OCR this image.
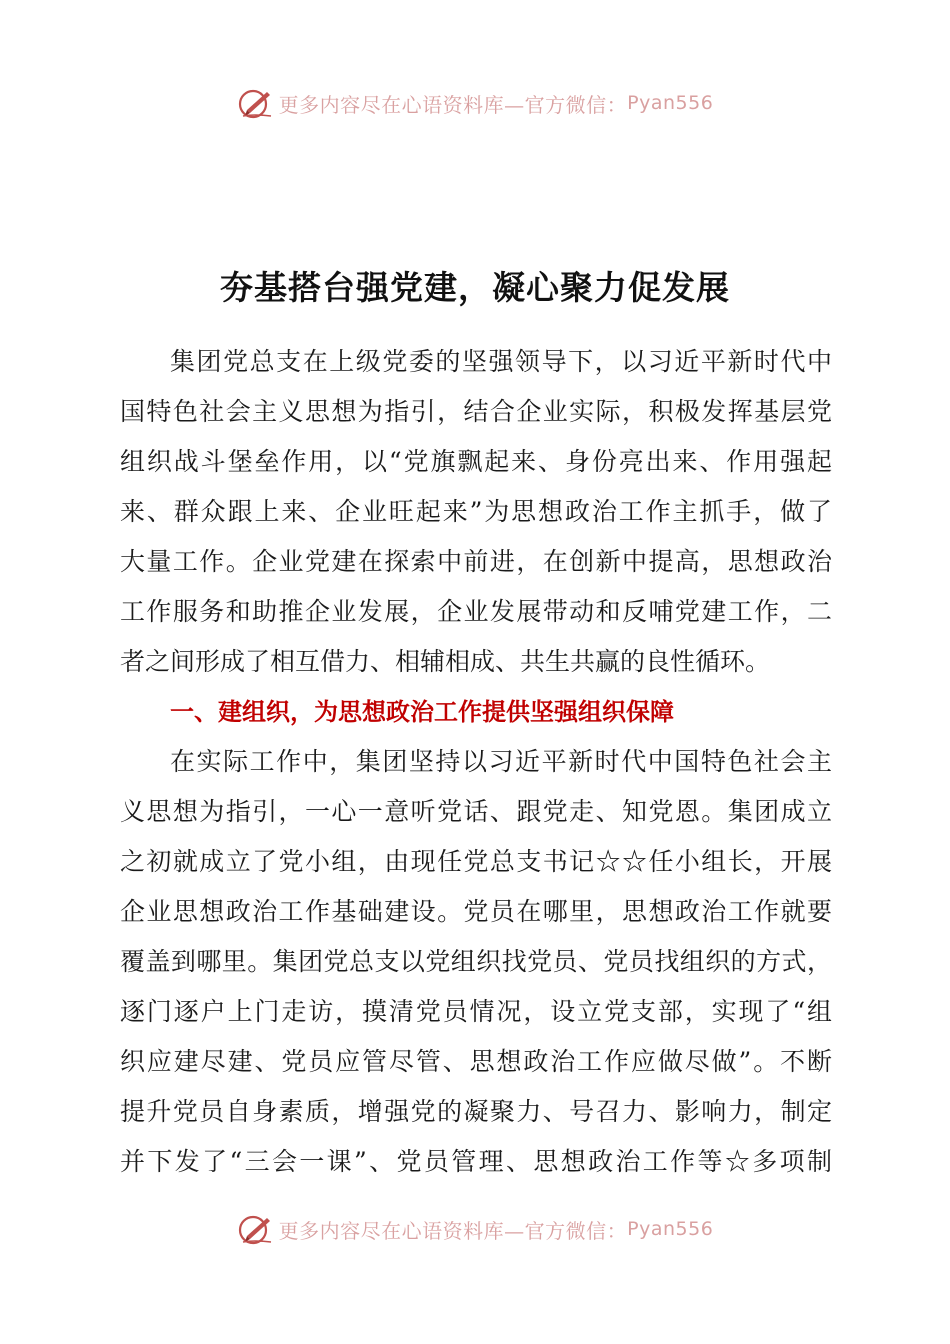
更多内容尽在心语资料库—官方微信： Pyan556
夯基搭台强党建，凝心聚力促发展
集团党总支在上级党委的坚强领导下，以习近平新时代中
国特色社会主义思想为指引，结合企业实际，积极发挥基层党
组织战斗堡垒作用，以“党旗飘起来、身份亮出来、作用强起
来、群众跟上来、企业旺起来”为思想政治工作主抓手，做了
大量工作。企业党建在探索中前进，在创新中提高，思想政治
工作服务和助推企业发展，企业发展带动和反哺党建工作，二
者之间形成了相互借力、相辅相成、共生共赢的良性循环。
一、建组织，为思想政治工作提供坚强组织保障
在实际工作中，集团坚持以习近平新时代中国特色社会主
义思想为指引，一心一意听党话、跟党走、知党恩。集团成立
之初就成立了党小组，由现任党总支书记☆☆任小组长，开展
企业思想政治工作基础建设。党员在哪里，思想政治工作就要
覆盖到哪里。集团党总支以党组织找党员、党员找组织的方式，
逐门逐户上门走访，摸清党员情况，设立党支部，实现了“组
织应建尽建、党员应管尽管、思想政治工作应做尽做”。不断
提升党员自身素质，增强党的凝聚力、号召力、影响力，制定
并下发了“三会一课”、党员管理、思想政治工作等☆多项制
更多内容尽在心语资料库—官方微信： Pyan556
